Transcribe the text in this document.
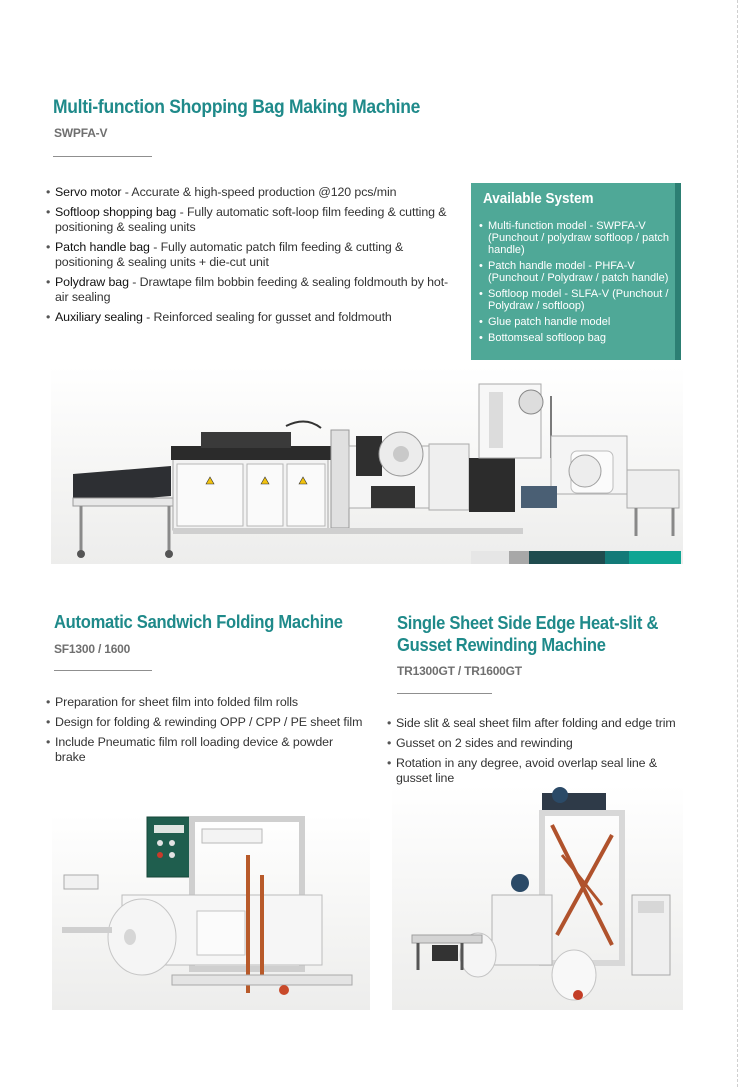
Multi-function Shopping Bag Making Machine
SWPFA-V
• Servo motor - Accurate & high-speed production @120 pcs/min
• Softloop shopping bag - Fully automatic soft-loop film feeding & cutting & positioning & sealing units
• Patch handle bag - Fully automatic patch film feeding & cutting & positioning & sealing units + die-cut unit
• Polydraw bag - Drawtape film bobbin feeding & sealing foldmouth by hot-air sealing
• Auxiliary sealing - Reinforced sealing for gusset and foldmouth
Available System
• Multi-function model - SWPFA-V (Punchout / polydraw softloop / patch handle)
• Patch handle model - PHFA-V (Punchout / Polydraw / patch handle)
• Softloop model - SLFA-V (Punchout / Polydraw / softloop)
• Glue patch handle model
• Bottomseal softloop bag
Automatic Sandwich Folding Machine
SF1300 / 1600
• Preparation for sheet film into folded film rolls
• Design for folding & rewinding OPP / CPP / PE sheet film
• Include Pneumatic film roll loading device & powder brake
Single Sheet Side Edge Heat-slit &
Gusset Rewinding Machine
TR1300GT / TR1600GT
• Side slit & seal sheet film after folding and edge trim
• Gusset on 2 sides and rewinding
• Rotation in any degree, avoid overlap seal line & gusset line
